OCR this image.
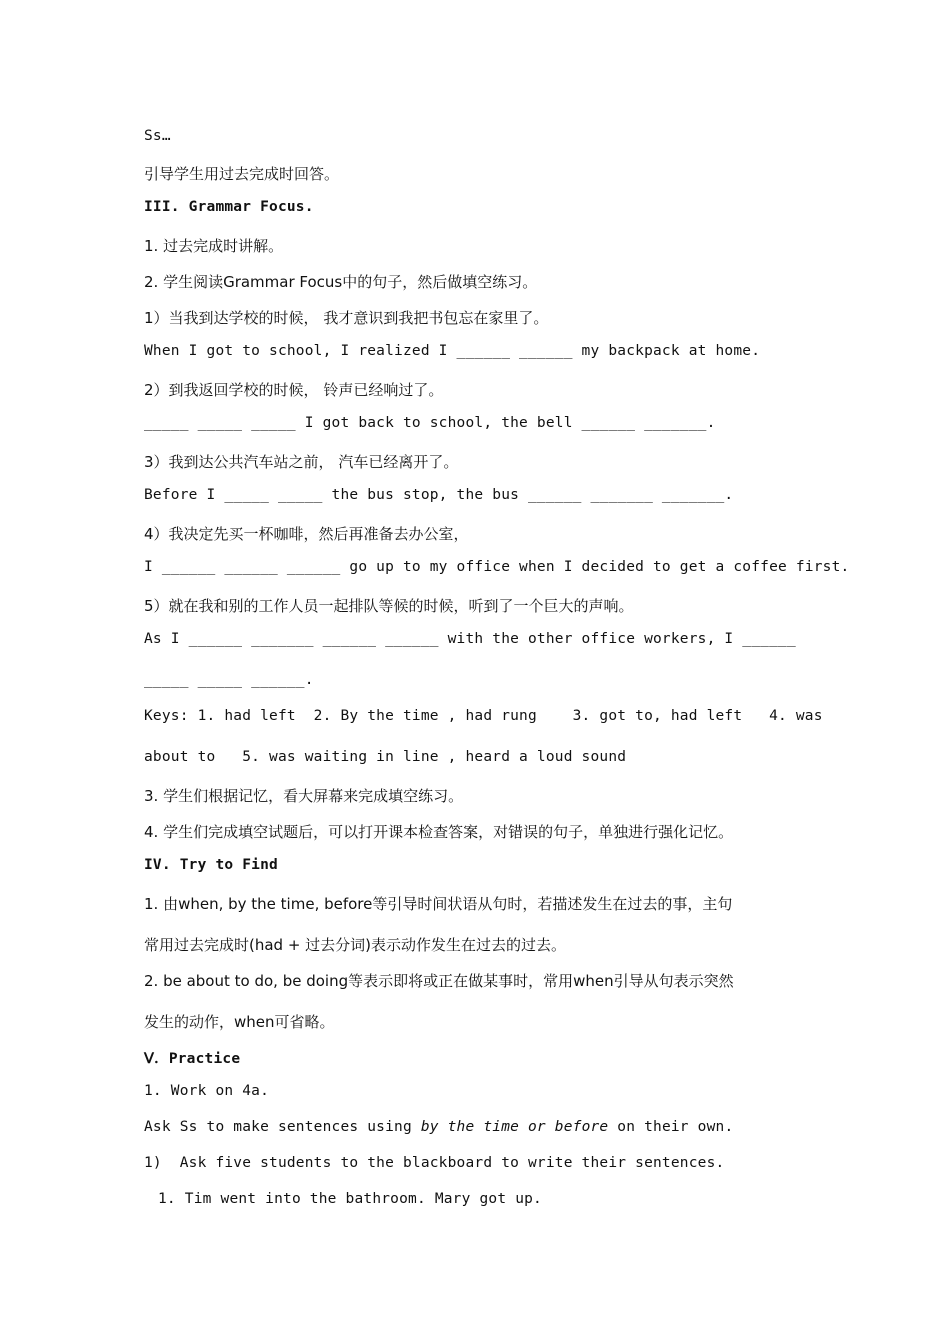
Ss…

引导学生用过去完成时回答。

III. Grammar Focus.

1. 过去完成时讲解。

2. 学生阅读Grammar Focus中的句子，然后做填空练习。

1）当我到达学校的时候， 我才意识到我把书包忘在家里了。

When I got to school, I realized I ______ ______ my backpack at home.

2）到我返回学校的时候， 铃声已经响过了。

_____ _____ _____ I got back to school, the bell ______ _______.

3）我到达公共汽车站之前， 汽车已经离开了。

Before I _____ _____ the bus stop, the bus ______ _______ _______.

4）我决定先买一杯咖啡，然后再准备去办公室，

I ______ ______ ______ go up to my office when I decided to get a coffee first.

5）就在我和别的工作人员一起排队等候的时候，听到了一个巨大的声响。

As I ______ _______ ______ ______ with the other office workers, I ______

_____ _____ ______.

Keys: 1. had left  2. By the time , had rung    3. got to, had left   4. was

about to   5. was waiting in line , heard a loud sound

3. 学生们根据记忆，看大屏幕来完成填空练习。

4. 学生们完成填空试题后，可以打开课本检查答案，对错误的句子，单独进行强化记忆。

IV. Try to Find

1. 由when, by the time, before等引导时间状语从句时，若描述发生在过去的事，主句

常用过去完成时(had + 过去分词)表示动作发生在过去的过去。

2. be about to do, be doing等表示即将或正在做某事时，常用when引导从句表示突然

发生的动作，when可省略。

Ⅴ．Practice

1. Work on 4a.

Ask Ss to make sentences using by the time or before on their own.

1)  Ask five students to the blackboard to write their sentences.

1. Tim went into the bathroom. Mary got up.
